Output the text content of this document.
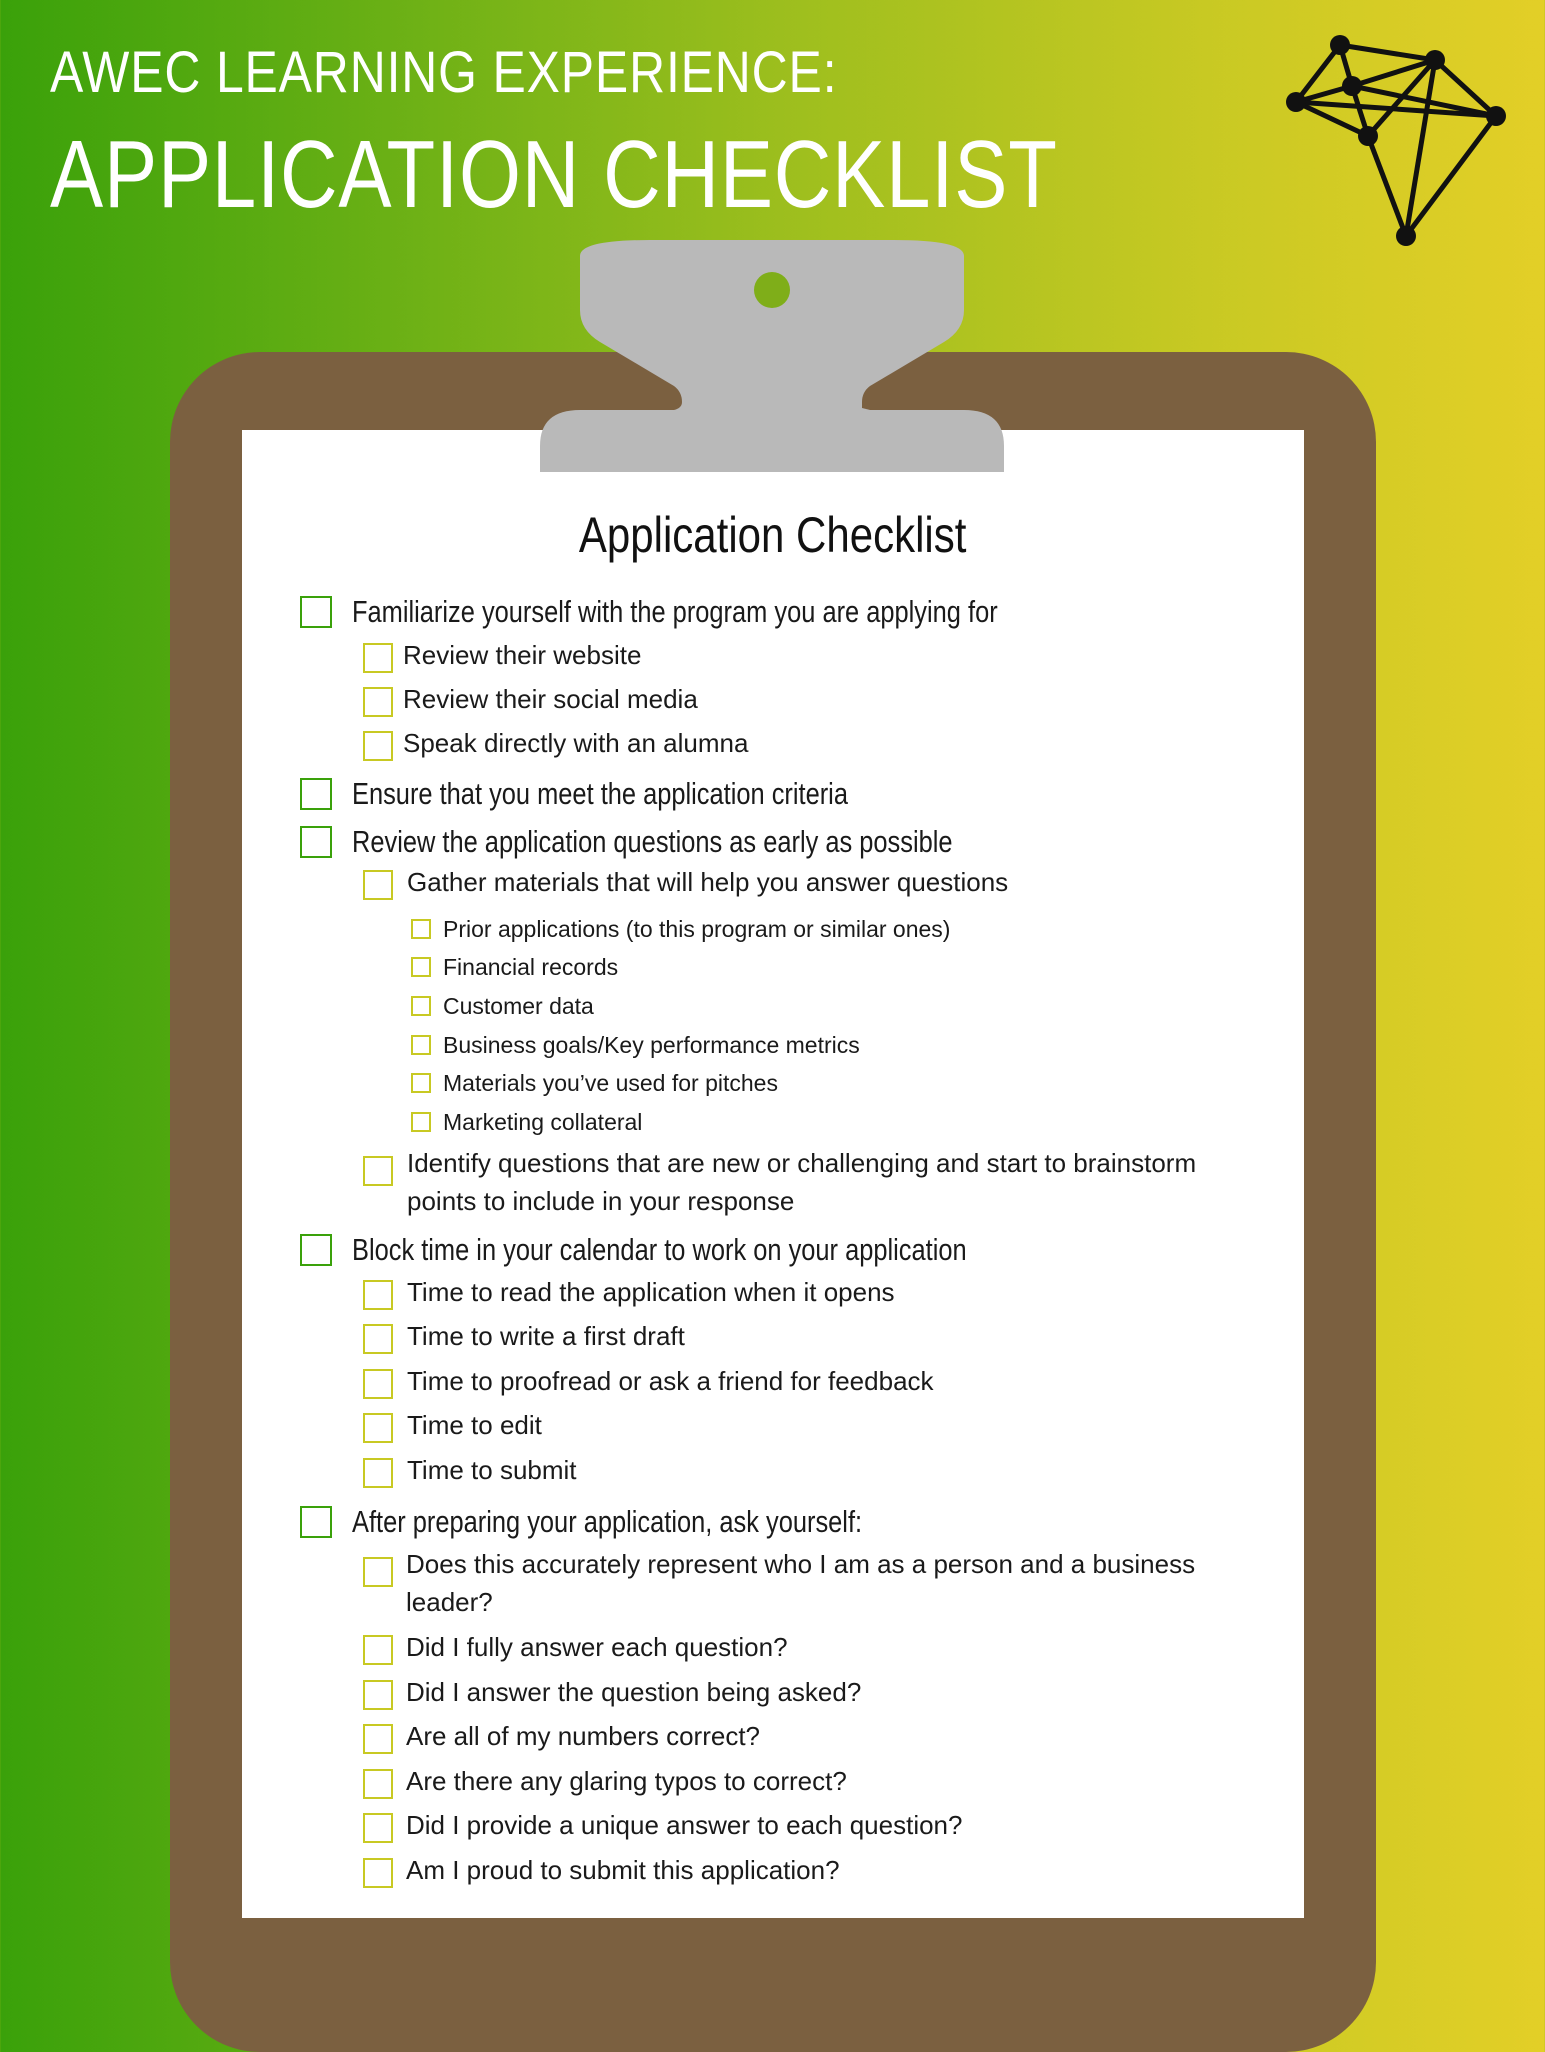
AWEC LEARNING EXPERIENCE:
APPLICATION CHECKLIST
Application Checklist
Familiarize yourself with the program you are applying for
Review their website
Review their social media
Speak directly with an alumna
Ensure that you meet the application criteria
Review the application questions as early as possible
Gather materials that will help you answer questions
Prior applications (to this program or similar ones)
Financial records
Customer data
Business goals/Key performance metrics
Materials you’ve used for pitches
Marketing collateral
Identify questions that are new or challenging and start to brainstorm points to include in your response
Block time in your calendar to work on your application
Time to read the application when it opens
Time to write a first draft
Time to proofread or ask a friend for feedback
Time to edit
Time to submit
After preparing your application, ask yourself:
Does this accurately represent who I am as a person and a business leader?
Did I fully answer each question?
Did I answer the question being asked?
Are all of my numbers correct?
Are there any glaring typos to correct?
Did I provide a unique answer to each question?
Am I proud to submit this application?
